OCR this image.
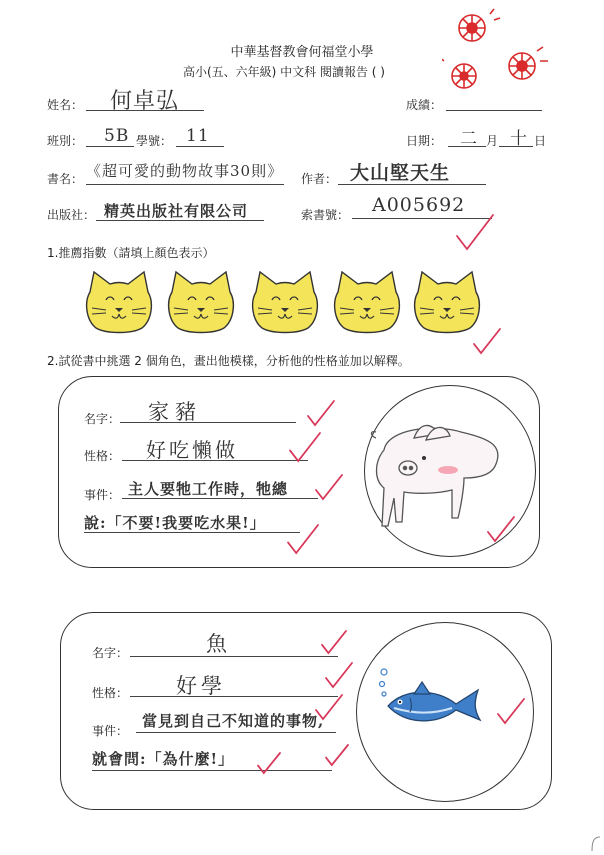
中華基督教會何福堂小學
高小(五、六年級) 中文科 閱讀報告 ( )
姓名： 何卓弘	成績：
班別： 5B 學號： 11	日期： 二 月 十 日
書名： 《超可愛的動物故事30則》 作者： 大山堅天生
出版社： 精英出版社有限公司	索書號： A005692
1.推薦指數（請填上顏色表示）
2.試從書中挑選 2 個角色，畫出他模樣，分析他的性格並加以解釋。
名字： 家豬
性格： 好吃懶做
事件： 主人要牠工作時，牠總
說:「不要!我要吃水果!」
名字：	魚
性格： 好學
事件：
當見到自己不知道的事物,
就會問:「為什麼!」
